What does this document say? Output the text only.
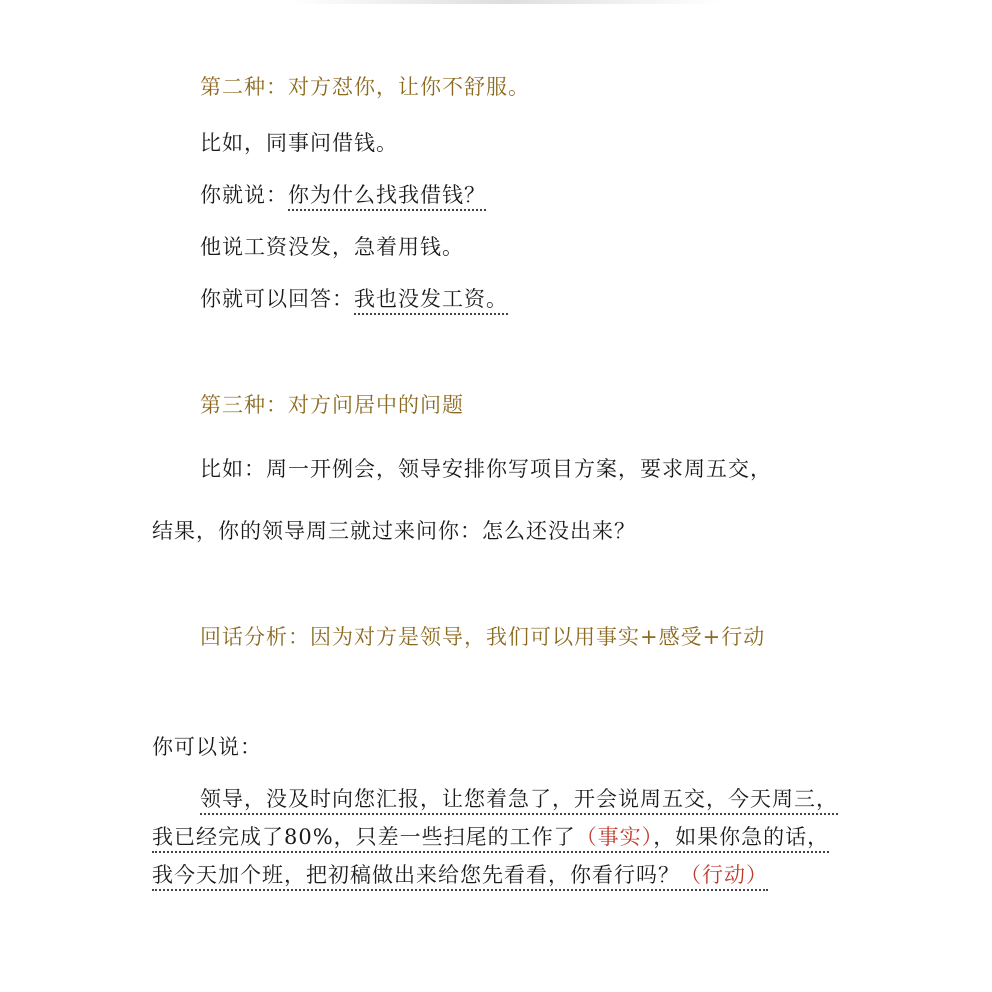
第二种：对方怼你，让你不舒服。
比如，同事问借钱。
你就说：你为什么找我借钱？
他说工资没发，急着用钱。
你就可以回答：我也没发工资。
第三种：对方问居中的问题
比如：周一开例会，领导安排你写项目方案，要求周五交，
结果，你的领导周三就过来问你：怎么还没出来？
回话分析：因为对方是领导，我们可以用事实+感受+行动
你可以说：
领导，没及时向您汇报，让您着急了，开会说周五交，今天周三，
我已经完成了80%，只差一些扫尾的工作了（事实），如果你急的话，
我今天加个班，把初稿做出来给您先看看，你看行吗？（行动）
